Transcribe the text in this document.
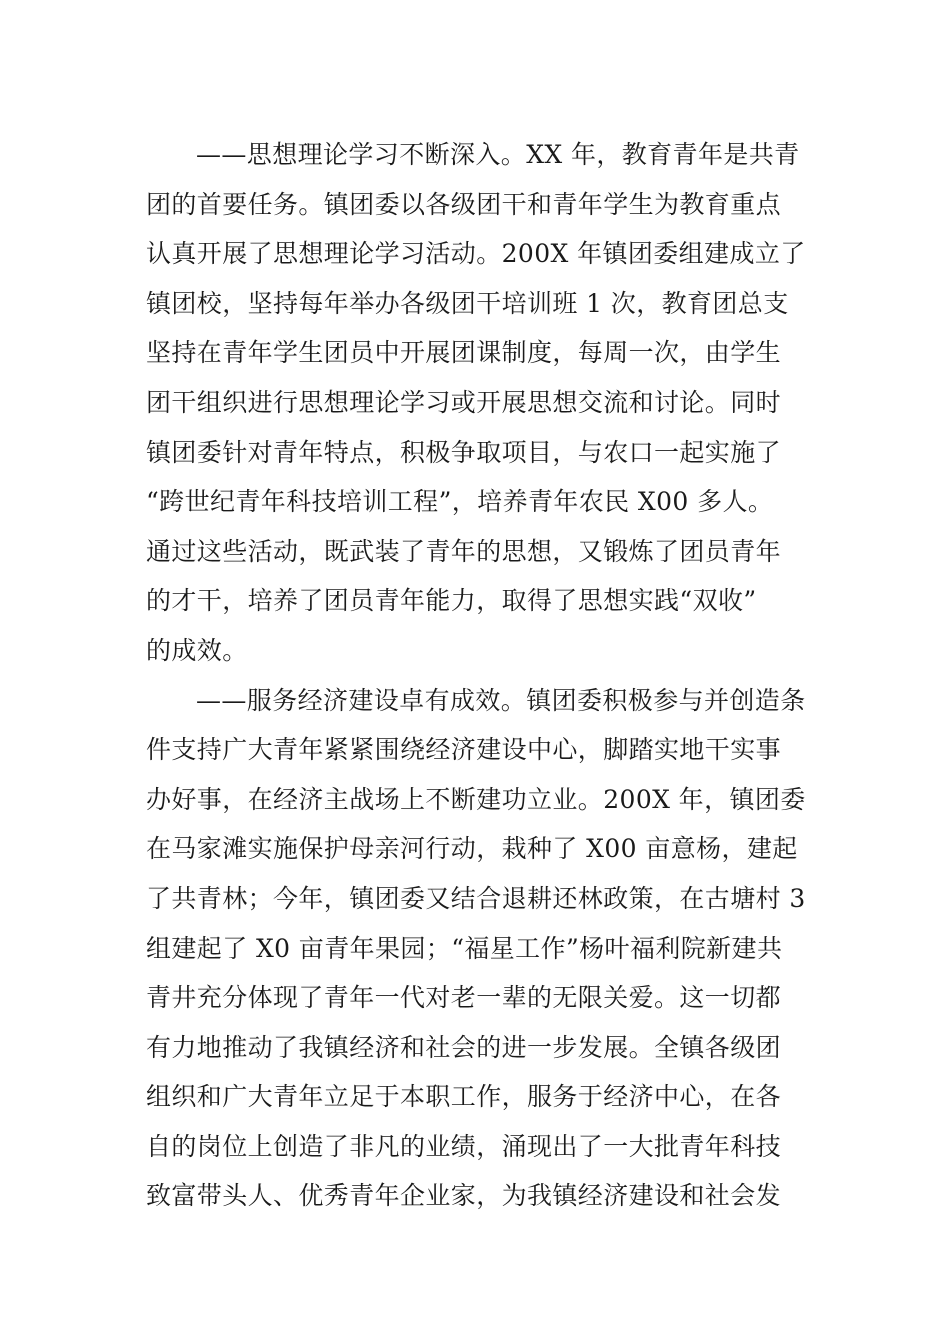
——思想理论学习不断深入。XX 年，教育青年是共青
团的首要任务。镇团委以各级团干和青年学生为教育重点
认真开展了思想理论学习活动。200X 年镇团委组建成立了
镇团校，坚持每年举办各级团干培训班 1 次，教育团总支
坚持在青年学生团员中开展团课制度，每周一次，由学生
团干组织进行思想理论学习或开展思想交流和讨论。同时
镇团委针对青年特点，积极争取项目，与农口一起实施了
“跨世纪青年科技培训工程”，培养青年农民 X00 多人。
通过这些活动，既武装了青年的思想，又锻炼了团员青年
的才干，培养了团员青年能力，取得了思想实践“双收”
的成效。
——服务经济建设卓有成效。镇团委积极参与并创造条
件支持广大青年紧紧围绕经济建设中心，脚踏实地干实事
办好事，在经济主战场上不断建功立业。200X 年，镇团委
在马家滩实施保护母亲河行动，栽种了 X00 亩意杨，建起
了共青林；今年，镇团委又结合退耕还林政策，在古塘村 3
组建起了 X0 亩青年果园；“福星工作”杨叶福利院新建共
青井充分体现了青年一代对老一辈的无限关爱。这一切都
有力地推动了我镇经济和社会的进一步发展。全镇各级团
组织和广大青年立足于本职工作，服务于经济中心，在各
自的岗位上创造了非凡的业绩，涌现出了一大批青年科技
致富带头人、优秀青年企业家，为我镇经济建设和社会发
